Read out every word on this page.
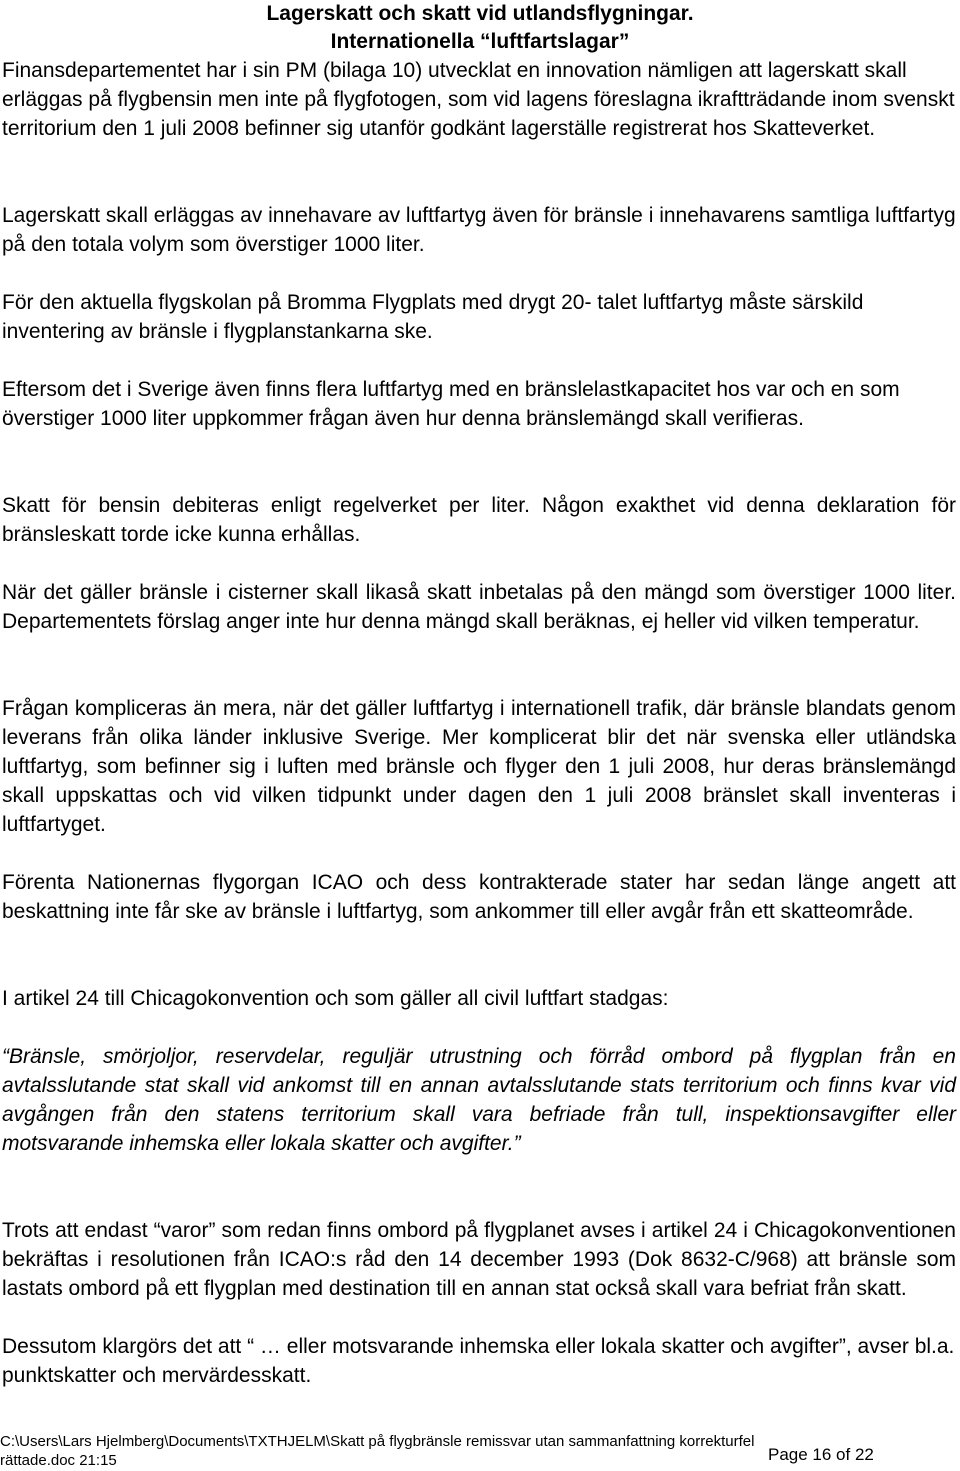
Lagerskatt och skatt vid utlandsflygningar.
Internationella “luftfartslagar”

Finansdepartementet har i sin PM (bilaga 10) utvecklat en innovation nämligen att lagerskatt skall erläggas på flygbensin men inte på flygfotogen, som vid lagens föreslagna ikraftträdande inom svenskt territorium den 1 juli 2008 befinner sig utanför godkänt lagerställe registrerat hos Skatteverket.

Lagerskatt skall erläggas av innehavare av luftfartyg även för bränsle i innehavarens samtliga luftfartyg på den totala volym som överstiger 1000 liter.

För den aktuella flygskolan på Bromma Flygplats med drygt 20- talet luftfartyg måste särskild inventering av bränsle i flygplanstankarna ske.

Eftersom det i Sverige även finns flera luftfartyg med en bränslelastkapacitet hos var och en som överstiger 1000 liter uppkommer frågan även hur denna bränslemängd skall verifieras.

Skatt för bensin debiteras enligt regelverket per liter. Någon exakthet vid denna deklaration för bränsleskatt torde icke kunna erhållas.

När det gäller bränsle i cisterner skall likaså skatt inbetalas på den mängd som överstiger 1000 liter. Departementets förslag anger inte hur denna mängd skall beräknas, ej heller vid vilken temperatur.

Frågan kompliceras än mera, när det gäller luftfartyg i internationell trafik, där bränsle blandats genom leverans från olika länder inklusive Sverige. Mer komplicerat blir det när svenska eller utländska luftfartyg, som befinner sig i luften med bränsle och flyger den 1 juli 2008, hur deras bränslemängd skall uppskattas och vid vilken tidpunkt under dagen den 1 juli 2008 bränslet skall inventeras i luftfartyget.

Förenta Nationernas flygorgan ICAO och dess kontrakterade stater har sedan länge angett att beskattning inte får ske av bränsle i luftfartyg, som ankommer till eller avgår från ett skatteområde.

I artikel 24 till Chicagokonvention och som gäller all civil luftfart stadgas:

“Bränsle, smörjoljor, reservdelar, reguljär utrustning och förråd ombord på flygplan från en avtalsslutande stat skall vid ankomst till en annan avtalsslutande stats territorium och finns kvar vid avgången från den statens territorium skall vara befriade från tull, inspektionsavgifter eller motsvarande inhemska eller lokala skatter och avgifter.”

Trots att endast “varor” som redan finns ombord på flygplanet avses i artikel 24 i Chicagokonventionen bekräftas i resolutionen från ICAO:s råd den 14 december 1993 (Dok 8632-C/968) att bränsle som lastats ombord på ett flygplan med destination till en annan stat också skall vara befriat från skatt.

Dessutom klargörs det att “ … eller motsvarande inhemska eller lokala skatter och avgifter”, avser bl.a. punktskatter och mervärdesskatt.

C:\Users\Lars Hjelmberg\Documents\TXTHJELM\Skatt på flygbränsle remissvar utan sammanfattning korrekturfel
rättade.doc 21:15	Page 16 of 22
